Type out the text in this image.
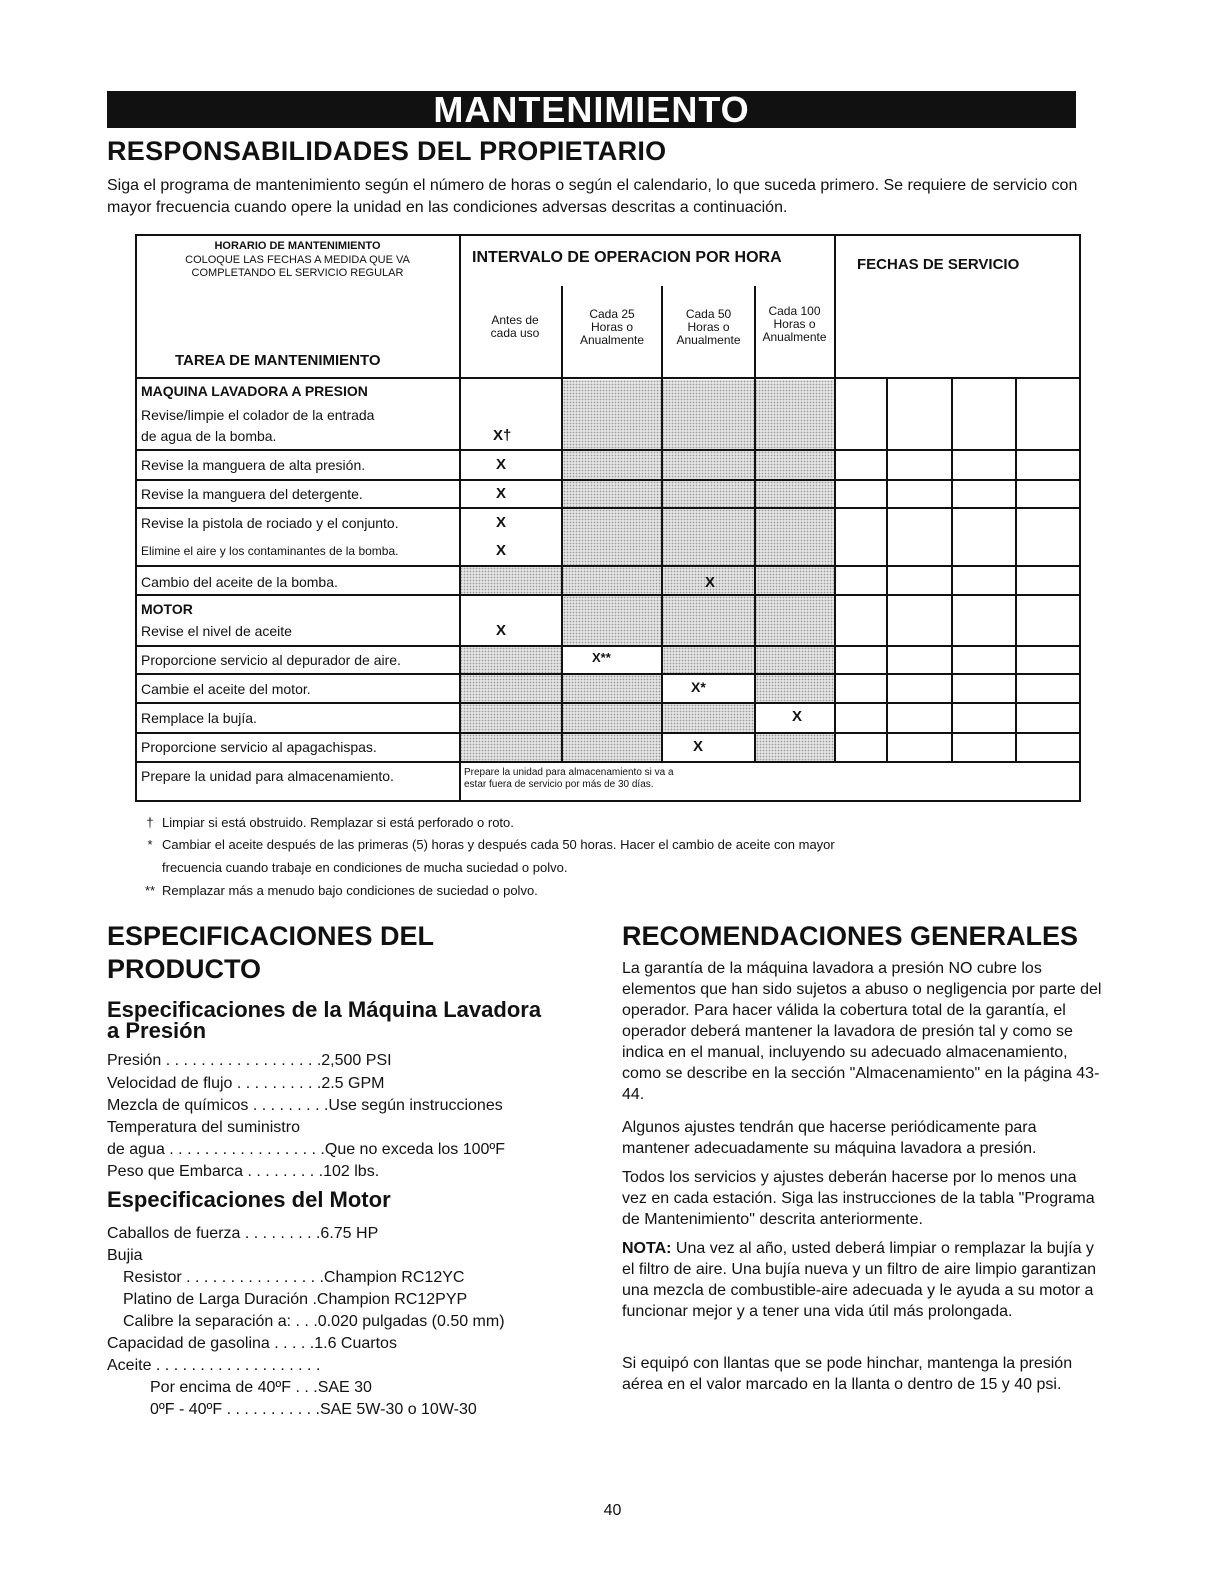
MANTENIMIENTO
RESPONSABILIDADES DEL PROPIETARIO
Siga el programa de mantenimiento según el número de horas o según el calendario, lo que suceda primero. Se requiere de servicio con mayor frecuencia cuando opere la unidad en las condiciones adversas descritas a continuación.
HORARIO DE MANTENIMIENTO
COLOQUE LAS FECHAS A MEDIDA QUE VA
COMPLETANDO EL SERVICIO REGULAR
TAREA DE MANTENIMIENTO
INTERVALO DE OPERACION POR HORA	FECHAS DE SERVICIO
Antes de
cada uso
Cada 25
Horas o
Anualmente
Cada 50
Horas o
Anualmente
Cada 100
Horas o
Anualmente
MAQUINA LAVADORA A PRESION
Revise/limpie el colador de la entrada
de agua de la bomba.
Revise la manguera de alta presión.
Revise la manguera del detergente.
Revise la pistola de rociado y el conjunto.
Elimine el aire y los contaminantes de la bomba.
Cambio del aceite de la bomba.
MOTOR
Revise el nivel de aceite
Proporcione servicio al depurador de aire.
Cambie el aceite del motor.
Remplace la bujía.
Proporcione servicio al apagachispas.
Prepare la unidad para almacenamiento.	Prepare la unidad para almacenamiento si va a
estar fuera de servicio por más de 30 días.
X†
X
X
X
X
X
X
X**
X*
X
X
† Limpiar si está obstruido. Remplazar si está perforado o roto.
* Cambiar el aceite después de las primeras (5) horas y después cada 50 horas. Hacer el cambio de aceite con mayor
frecuencia cuando trabaje en condiciones de mucha suciedad o polvo.
** Remplazar más a menudo bajo condiciones de suciedad o polvo.
ESPECIFICACIONES DEL
PRODUCTO
Especificaciones de la Máquina Lavadora
a Presión
Presión . . . . . . . . . . . . . . . . . .2,500 PSI
Velocidad de flujo . . . . . . . . . .2.5 GPM
Mezcla de químicos . . . . . . . . .Use según instrucciones
Temperatura del suministro
de agua . . . . . . . . . . . . . . . . . .Que no exceda los 100ºF
Peso que Embarca . . . . . . . . .102 lbs.
Especificaciones del Motor
Caballos de fuerza . . . . . . . . .6.75 HP
Bujia
Resistor . . . . . . . . . . . . . . . .Champion RC12YC
Platino de Larga Duración .Champion RC12PYP
Calibre la separación a: . . .0.020 pulgadas (0.50 mm)
Capacidad de gasolina . . . . .1.6 Cuartos
Aceite . . . . . . . . . . . . . . . . . . .
Por encima de 40ºF . . .SAE 30
0ºF - 40ºF . . . . . . . . . . .SAE 5W-30 o 10W-30
RECOMENDACIONES GENERALES
La garantía de la máquina lavadora a presión NO cubre los elementos que han sido sujetos a abuso o negligencia por parte del operador. Para hacer válida la cobertura total de la garantía, el operador deberá mantener la lavadora de presión tal y como se indica en el manual, incluyendo su adecuado almacenamiento, como se describe en la sección "Almacenamiento" en la página 43-44.
Algunos ajustes tendrán que hacerse periódicamente para mantener adecuadamente su máquina lavadora a presión.
Todos los servicios y ajustes deberán hacerse por lo menos una vez en cada estación. Siga las instrucciones de la tabla "Programa de Mantenimiento" descrita anteriormente.
NOTA: Una vez al año, usted deberá limpiar o remplazar la bujía y el filtro de aire. Una bujía nueva y un filtro de aire limpio garantizan una mezcla de combustible-aire adecuada y le ayuda a su motor a funcionar mejor y a tener una vida útil más prolongada.
Si equipó con llantas que se pode hinchar, mantenga la presión aérea en el valor marcado en la llanta o dentro de 15 y 40 psi.
40
